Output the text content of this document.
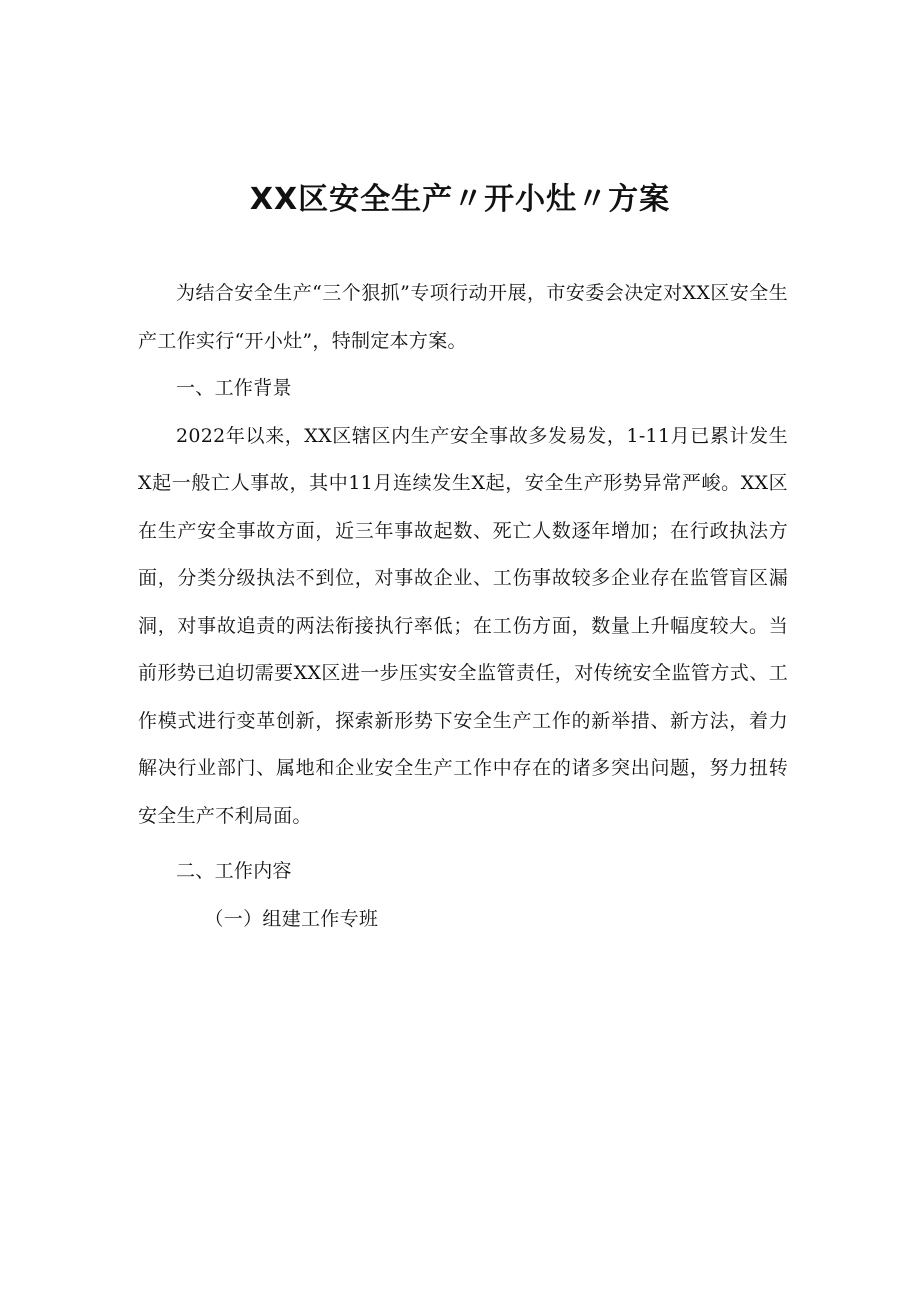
XX区安全生产〃开小灶〃方案

为结合安全生产“三个狠抓”专项行动开展，市安委会决定对XX区安全生产工作实行“开小灶”，特制定本方案。

一、工作背景

2022年以来，XX区辖区内生产安全事故多发易发，1-11月已累计发生X起一般亡人事故，其中11月连续发生X起，安全生产形势异常严峻。XX区在生产安全事故方面，近三年事故起数、死亡人数逐年增加；在行政执法方面，分类分级执法不到位，对事故企业、工伤事故较多企业存在监管盲区漏洞，对事故追责的两法衔接执行率低；在工伤方面，数量上升幅度较大。当前形势已迫切需要XX区进一步压实安全监管责任，对传统安全监管方式、工作模式进行变革创新，探索新形势下安全生产工作的新举措、新方法，着力解决行业部门、属地和企业安全生产工作中存在的诸多突出问题，努力扭转安全生产不利局面。

二、工作内容

（一）组建工作专班
